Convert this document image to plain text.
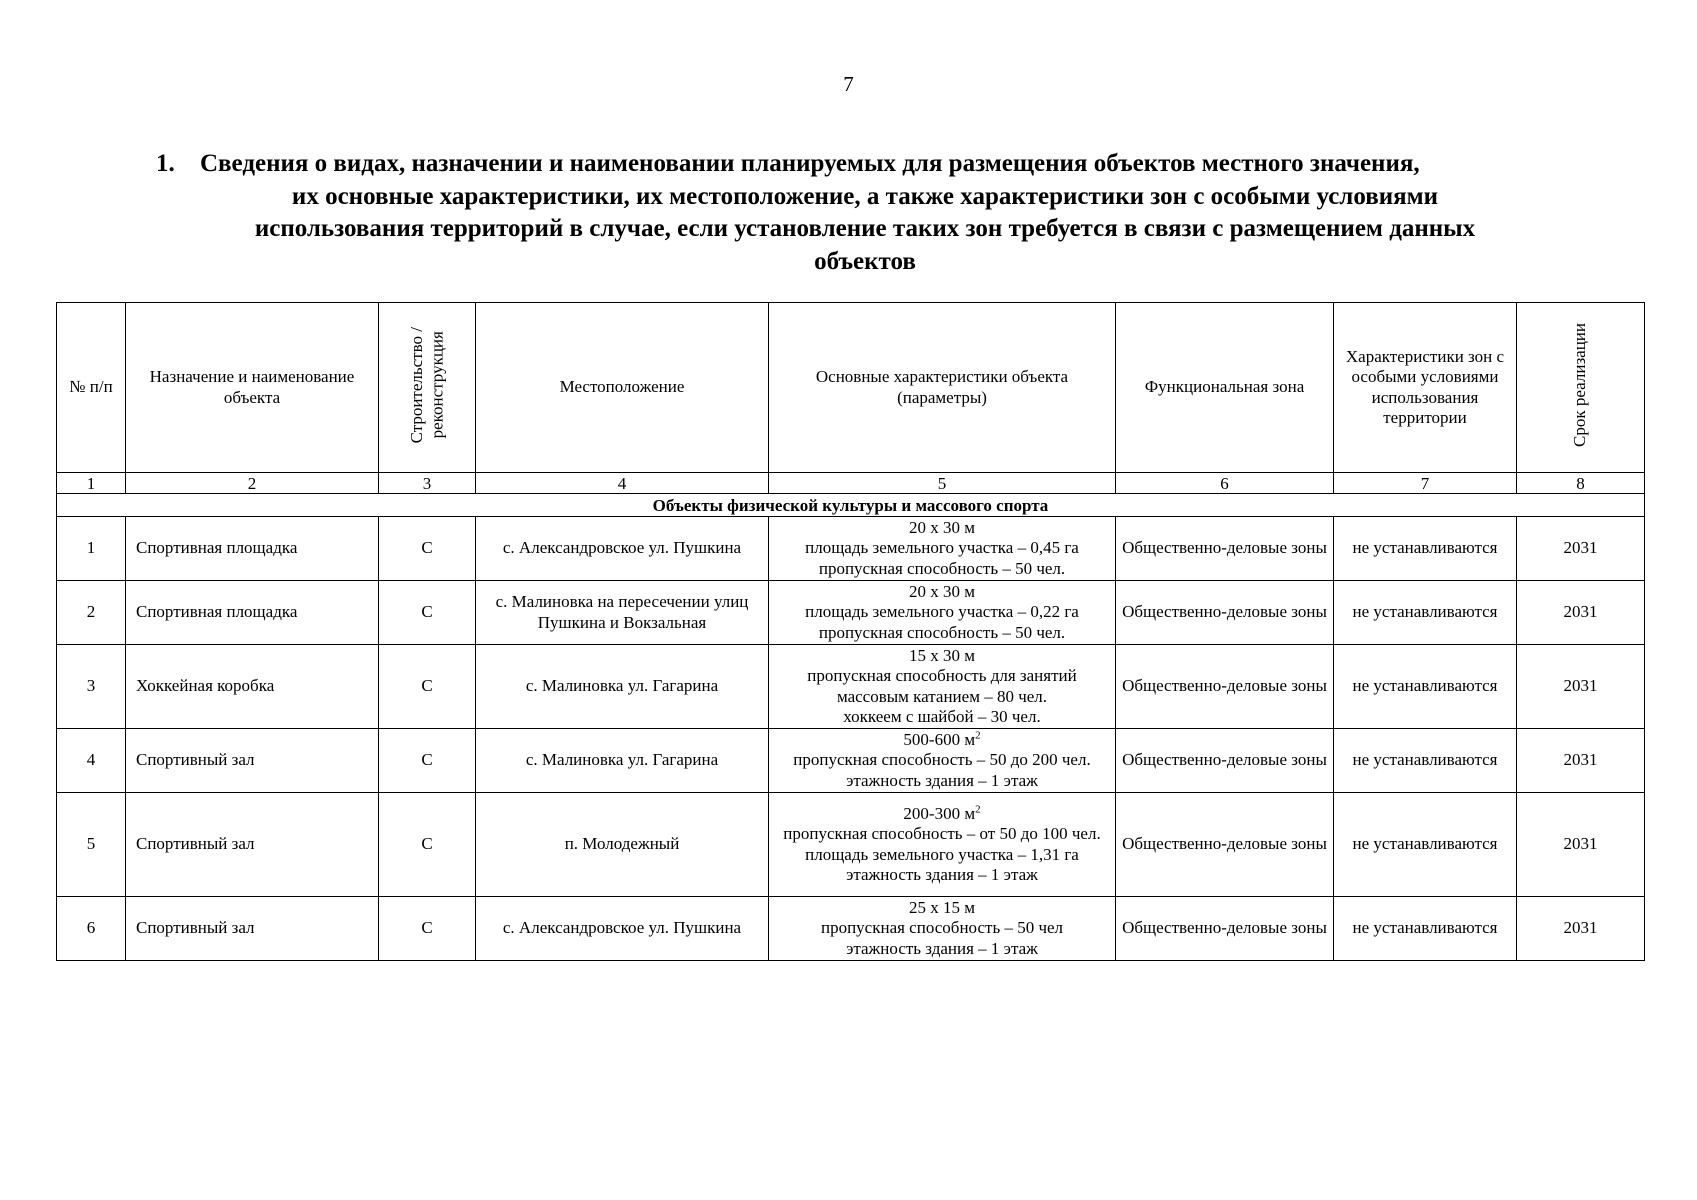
7
1.	Сведения о видах, назначении и наименовании планируемых для размещения объектов местного значения,
их основные характеристики, их местоположение, а также характеристики зон с особыми условиями
использования территорий в случае, если установление таких зон требуется в связи с размещением данных
объектов
№ п/п	Назначение и наименование объекта	Строительство /
реконструкция	Местоположение	Основные характеристики объекта (параметры)	Функциональная зона	Характеристики зон с особыми условиями использования территории	Срок реализации
1	2	3	4	5	6	7	8
Объекты физической культуры и массового спорта							
1	Спортивная площадка	С	с. Александровское ул. Пушкина	20 х 30 м
площадь земельного участка – 0,45 га
пропускная способность – 50 чел.	Общественно-деловые зоны	не устанавливаются	2031
2	Спортивная площадка	С	с. Малиновка на пересечении улиц Пушкина и Вокзальная	20 х 30 м
площадь земельного участка – 0,22 га
пропускная способность – 50 чел.	Общественно-деловые зоны	не устанавливаются	2031
3	Хоккейная коробка	С	с. Малиновка ул. Гагарина	15 х 30 м
пропускная способность для занятий массовым катанием – 80 чел.
хоккеем с шайбой – 30 чел.	Общественно-деловые зоны	не устанавливаются	2031
4	Спортивный зал	С	с. Малиновка ул. Гагарина	500-600 $м^2$
пропускная способность – 50 до 200 чел.
этажность здания – 1 этаж	Общественно-деловые зоны	не устанавливаются	2031
5	Спортивный зал	С	п. Молодежный	200-300 $м^2$
пропускная способность – от 50 до 100 чел.
площадь земельного участка – 1,31 га
этажность здания – 1 этаж	Общественно-деловые зоны	не устанавливаются	2031
6	Спортивный зал	С	с. Александровское ул. Пушкина	25 х 15 м
пропускная способность – 50 чел
этажность здания – 1 этаж	Общественно-деловые зоны	не устанавливаются	2031
